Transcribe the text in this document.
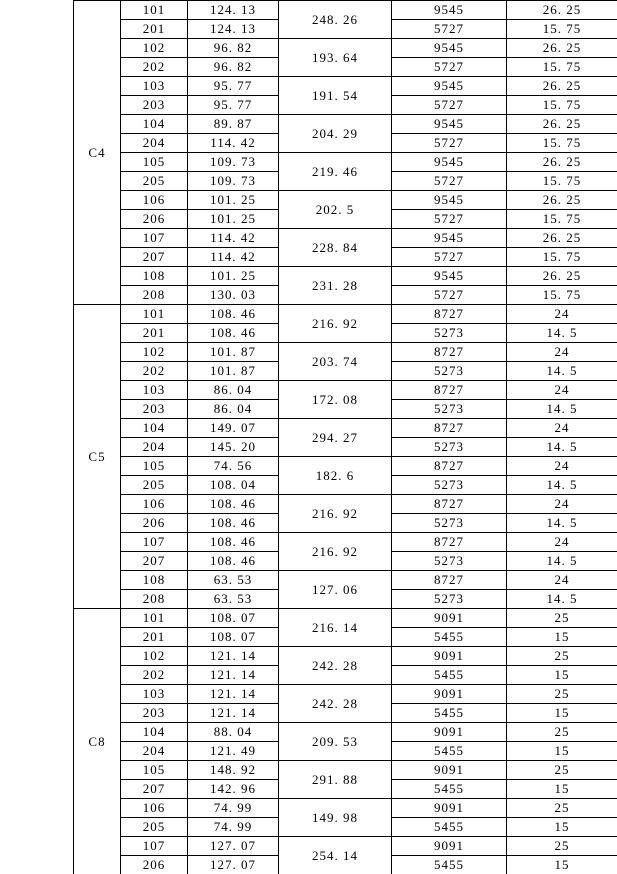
C4	101	124. 13	248. 26	9545	26. 25
	201	124. 13		5727	15. 75
	102	96. 82	193. 64	9545	26. 25
	202	96. 82		5727	15. 75
	103	95. 77	191. 54	9545	26. 25
	203	95. 77		5727	15. 75
	104	89. 87	204. 29	9545	26. 25
	204	114. 42		5727	15. 75
	105	109. 73	219. 46	9545	26. 25
	205	109. 73		5727	15. 75
	106	101. 25	202. 5	9545	26. 25
	206	101. 25		5727	15. 75
	107	114. 42	228. 84	9545	26. 25
	207	114. 42		5727	15. 75
	108	101. 25	231. 28	9545	26. 25
	208	130. 03		5727	15. 75
C5	101	108. 46	216. 92	8727	24
	201	108. 46		5273	14. 5
	102	101. 87	203. 74	8727	24
	202	101. 87		5273	14. 5
	103	86. 04	172. 08	8727	24
	203	86. 04		5273	14. 5
	104	149. 07	294. 27	8727	24
	204	145. 20		5273	14. 5
	105	74. 56	182. 6	8727	24
	205	108. 04		5273	14. 5
	106	108. 46	216. 92	8727	24
	206	108. 46		5273	14. 5
	107	108. 46	216. 92	8727	24
	207	108. 46		5273	14. 5
	108	63. 53	127. 06	8727	24
	208	63. 53		5273	14. 5
C8	101	108. 07	216. 14	9091	25
	201	108. 07		5455	15
	102	121. 14	242. 28	9091	25
	202	121. 14		5455	15
	103	121. 14	242. 28	9091	25
	203	121. 14		5455	15
	104	88. 04	209. 53	9091	25
	204	121. 49		5455	15
	105	148. 92	291. 88	9091	25
	207	142. 96		5455	15
	106	74. 99	149. 98	9091	25
	205	74. 99		5455	15
	107	127. 07	254. 14	9091	25
	206	127. 07		5455	15
